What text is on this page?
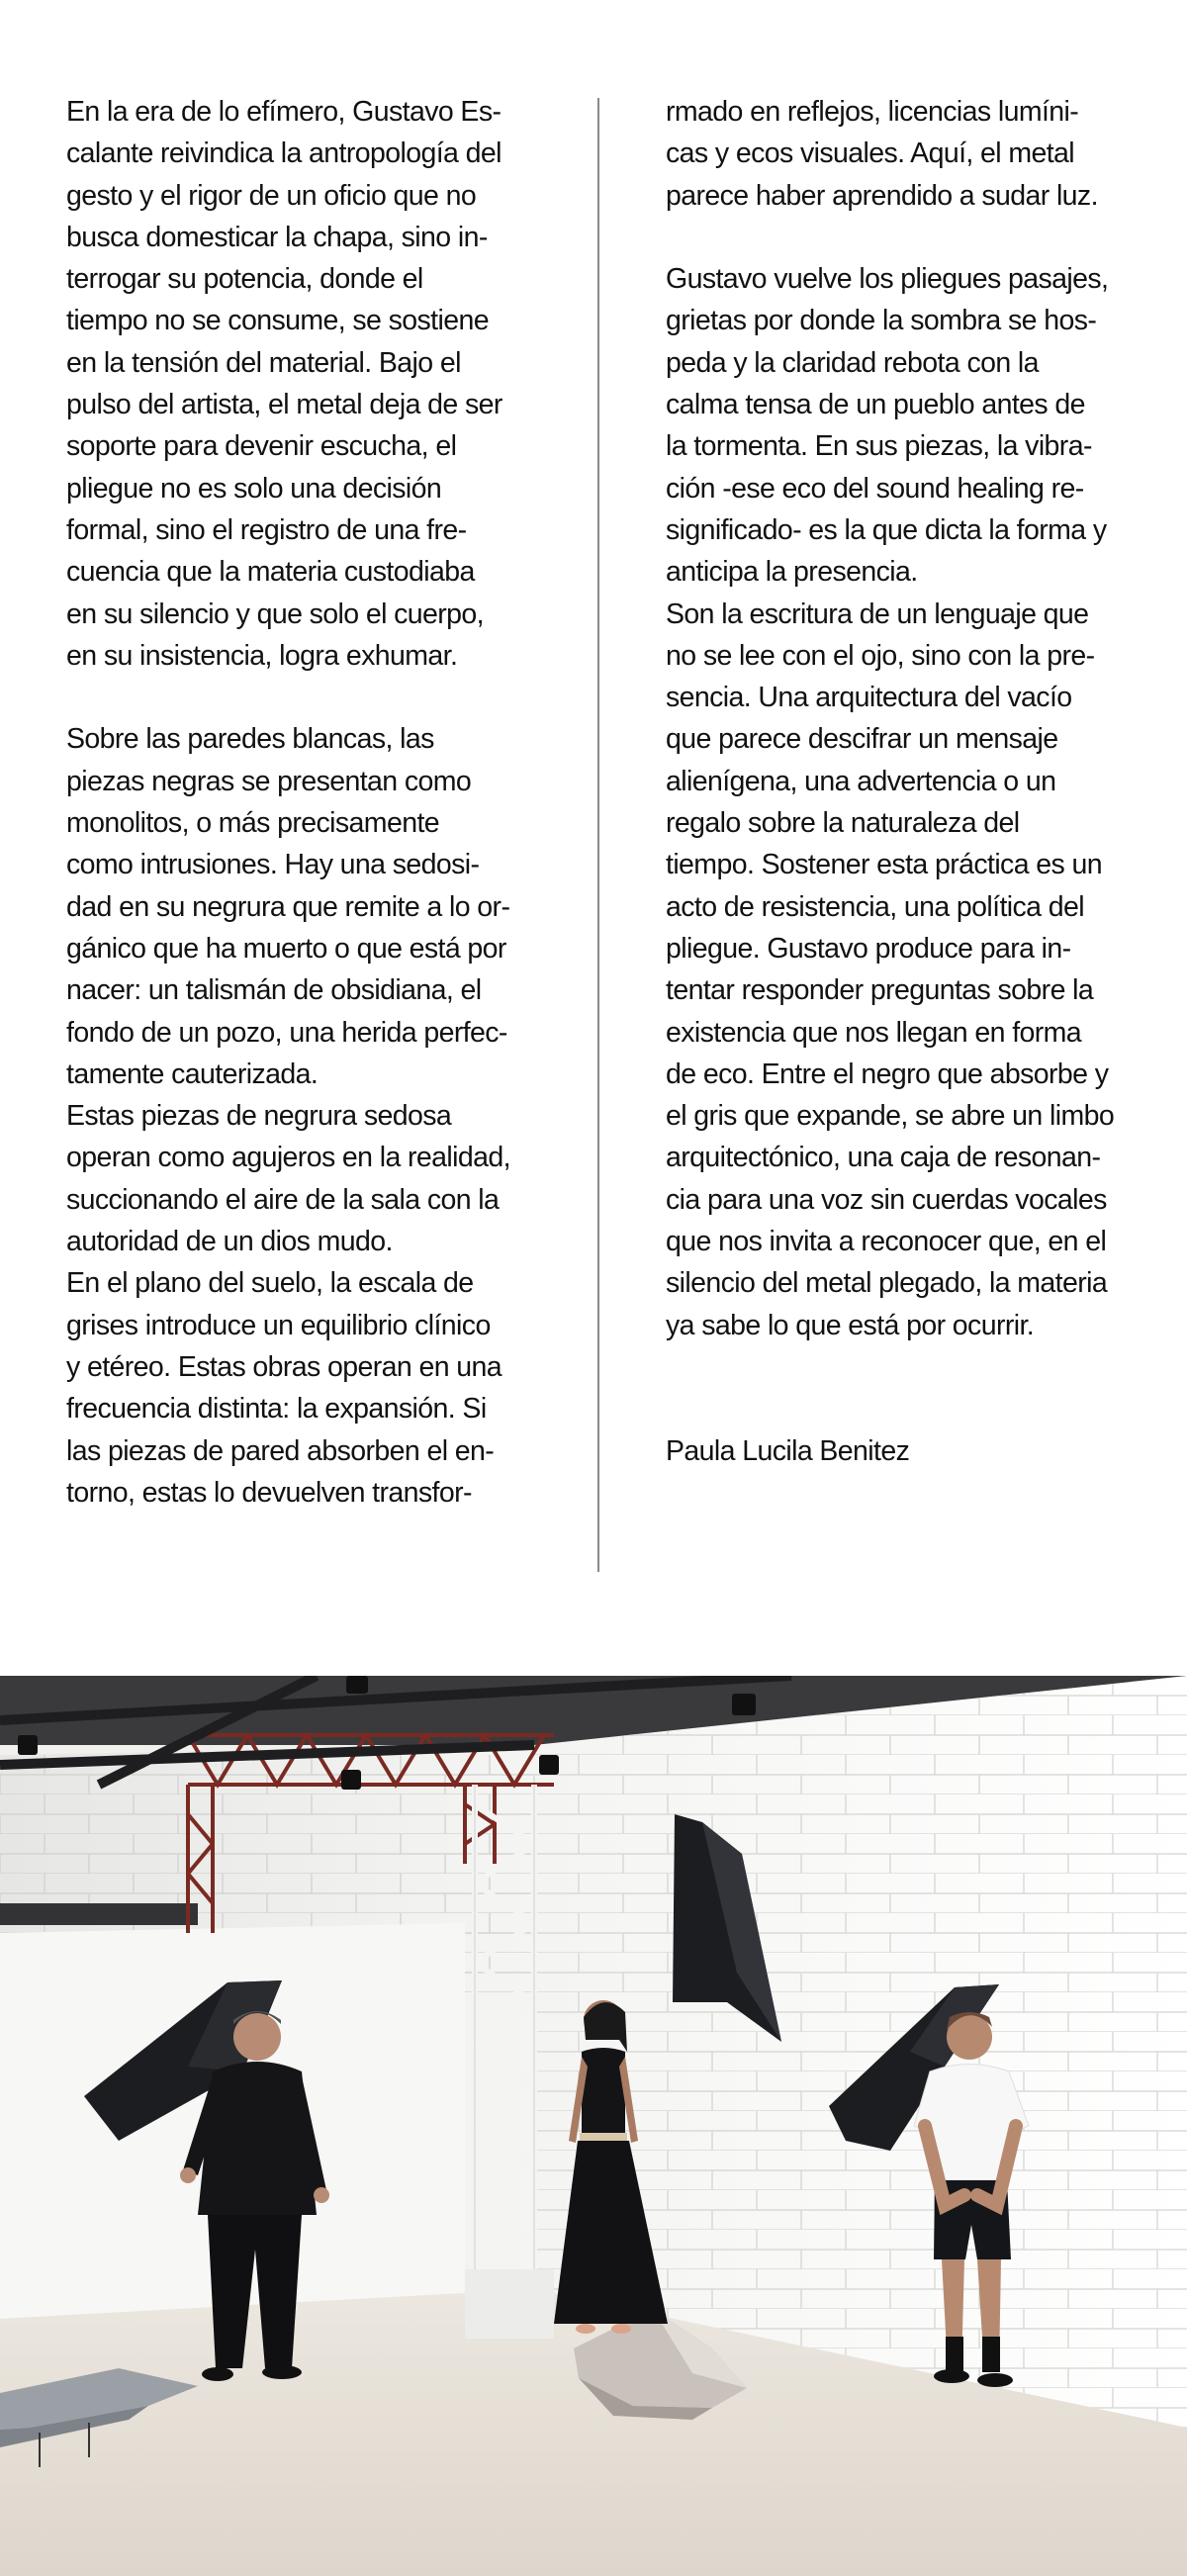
En la era de lo efímero, Gustavo Es-
calante reivindica la antropología del
gesto y el rigor de un oficio que no
busca domesticar la chapa, sino in-
terrogar su potencia, donde el
tiempo no se consume, se sostiene
en la tensión del material. Bajo el
pulso del artista, el metal deja de ser
soporte para devenir escucha, el
pliegue no es solo una decisión
formal, sino el registro de una fre-
cuencia que la materia custodiaba
en su silencio y que solo el cuerpo,
en su insistencia, logra exhumar.

Sobre las paredes blancas, las
piezas negras se presentan como
monolitos, o más precisamente
como intrusiones. Hay una sedosi-
dad en su negrura que remite a lo or-
gánico que ha muerto o que está por
nacer: un talismán de obsidiana, el
fondo de un pozo, una herida perfec-
tamente cauterizada.

Estas piezas de negrura sedosa
operan como agujeros en la realidad,
succionando el aire de la sala con la
autoridad de un dios mudo.

En el plano del suelo, la escala de
grises introduce un equilibrio clínico
y etéreo. Estas obras operan en una
frecuencia distinta: la expansión. Si
las piezas de pared absorben el en-
torno, estas lo devuelven transfor-

rmado en reflejos, licencias lumíni-
cas y ecos visuales. Aquí, el metal
parece haber aprendido a sudar luz.

Gustavo vuelve los pliegues pasajes,
grietas por donde la sombra se hos-
peda y la claridad rebota con la
calma tensa de un pueblo antes de
la tormenta. En sus piezas, la vibra-
ción -ese eco del sound healing re-
significado- es la que dicta la forma y
anticipa la presencia.

Son la escritura de un lenguaje que
no se lee con el ojo, sino con la pre-
sencia. Una arquitectura del vacío
que parece descifrar un mensaje
alienígena, una advertencia o un
regalo sobre la naturaleza del
tiempo. Sostener esta práctica es un
acto de resistencia, una política del
pliegue. Gustavo produce para in-
tentar responder preguntas sobre la
existencia que nos llegan en forma
de eco. Entre el negro que absorbe y
el gris que expande, se abre un limbo
arquitectónico, una caja de resonan-
cia para una voz sin cuerdas vocales
que nos invita a reconocer que, en el
silencio del metal plegado, la materia
ya sabe lo que está por ocurrir.

Paula Lucila Benitez
